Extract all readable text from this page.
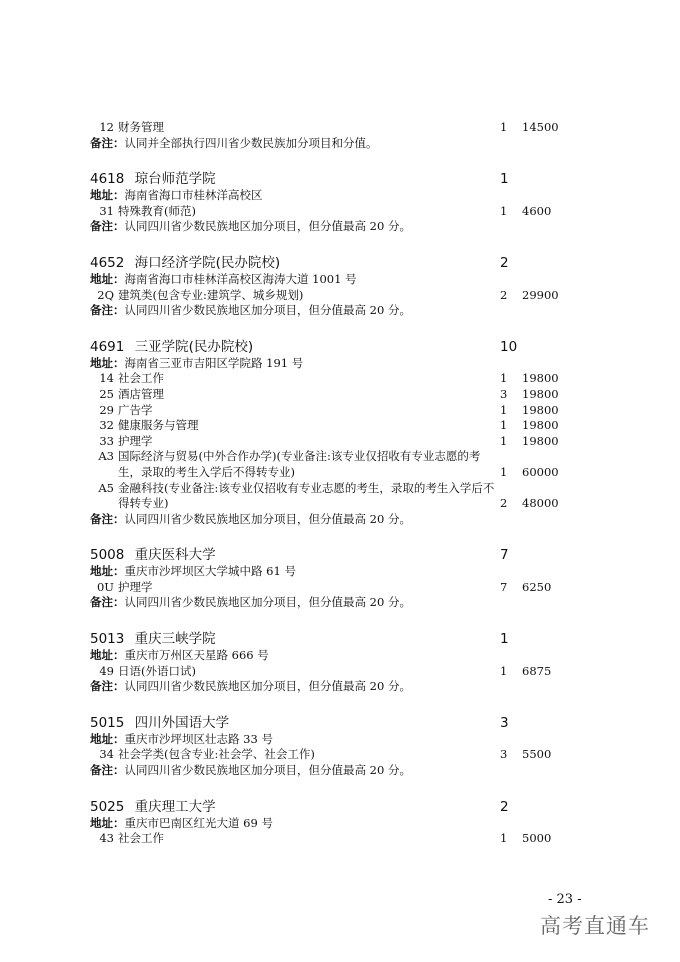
12 财务管理	1 14500
备注：认同并全部执行四川省少数民族加分项目和分值。
4618 琼台师范学院	1
地址：海南省海口市桂林洋高校区
31 特殊教育(师范)	1 4600
备注：认同四川省少数民族地区加分项目，但分值最高 20 分。
4652 海口经济学院(民办院校)	2
地址：海南省海口市桂林洋高校区海涛大道 1001 号
2Q 建筑类(包含专业:建筑学、城乡规划)	2 29900
备注：认同四川省少数民族地区加分项目，但分值最高 20 分。
4691 三亚学院(民办院校)	10
地址：海南省三亚市吉阳区学院路 191 号
14 社会工作	1 19800
25 酒店管理	3 19800
29 广告学	1 19800
32 健康服务与管理	1 19800
33 护理学	1 19800
A3 国际经济与贸易(中外合作办学)(专业备注:该专业仅招收有专业志愿的考生，录取的考生入学后不得转专业)	1 60000
A5 金融科技(专业备注:该专业仅招收有专业志愿的考生，录取的考生入学后不得转专业)	2 48000
备注：认同四川省少数民族地区加分项目，但分值最高 20 分。
5008 重庆医科大学	7
地址：重庆市沙坪坝区大学城中路 61 号
0U 护理学	7 6250
备注：认同四川省少数民族地区加分项目，但分值最高 20 分。
5013 重庆三峡学院	1
地址：重庆市万州区天星路 666 号
49 日语(外语口试)	1 6875
备注：认同四川省少数民族地区加分项目，但分值最高 20 分。
5015 四川外国语大学	3
地址：重庆市沙坪坝区壮志路 33 号
34 社会学类(包含专业:社会学、社会工作)	3 5500
备注：认同四川省少数民族地区加分项目，但分值最高 20 分。
5025 重庆理工大学	2
地址：重庆市巴南区红光大道 69 号
43 社会工作	1 5000
- 23 -
高考直通车
